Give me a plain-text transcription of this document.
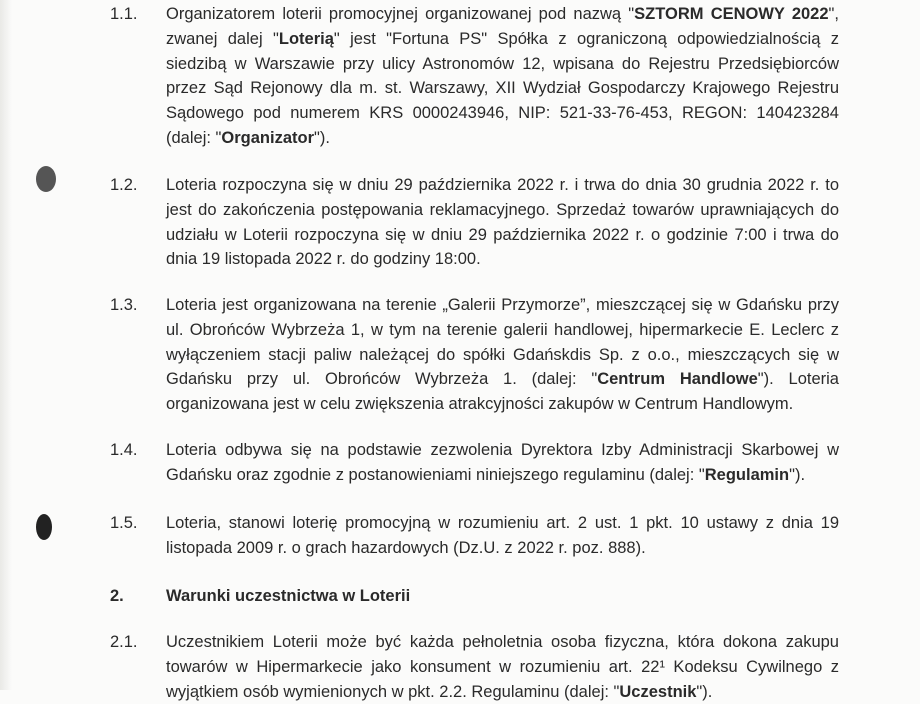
1.1. Organizatorem loterii promocyjnej organizowanej pod nazwą "SZTORM CENOWY 2022", zwanej dalej "Loterią" jest "Fortuna PS" Spółka z ograniczoną odpowiedzialnością z siedzibą w Warszawie przy ulicy Astronomów 12, wpisana do Rejestru Przedsiębiorców przez Sąd Rejonowy dla m. st. Warszawy, XII Wydział Gospodarczy Krajowego Rejestru Sądowego pod numerem KRS 0000243946, NIP: 521-33-76-453, REGON: 140423284 (dalej: "Organizator").
1.2. Loteria rozpoczyna się w dniu 29 października 2022 r. i trwa do dnia 30 grudnia 2022 r. to jest do zakończenia postępowania reklamacyjnego. Sprzedaż towarów uprawniających do udziału w Loterii rozpoczyna się w dniu 29 października 2022 r. o godzinie 7:00 i trwa do dnia 19 listopada 2022 r. do godziny 18:00.
1.3. Loteria jest organizowana na terenie „Galerii Przymorze”, mieszczącej się w Gdańsku przy ul. Obrońców Wybrzeża 1, w tym na terenie galerii handlowej, hipermarkecie E. Leclerc z wyłączeniem stacji paliw należącej do spółki Gdańskdis Sp. z o.o., mieszczących się w Gdańsku przy ul. Obrońców Wybrzeża 1. (dalej: "Centrum Handlowe"). Loteria organizowana jest w celu zwiększenia atrakcyjności zakupów w Centrum Handlowym.
1.4. Loteria odbywa się na podstawie zezwolenia Dyrektora Izby Administracji Skarbowej w Gdańsku oraz zgodnie z postanowieniami niniejszego regulaminu (dalej: "Regulamin").
1.5. Loteria, stanowi loterię promocyjną w rozumieniu art. 2 ust. 1 pkt. 10 ustawy z dnia 19 listopada 2009 r. o grach hazardowych (Dz.U. z 2022 r. poz. 888).
2.	Warunki uczestnictwa w Loterii
2.1. Uczestnikiem Loterii może być każda pełnoletnia osoba fizyczna, która dokona zakupu towarów w Hipermarkecie jako konsument w rozumieniu art. 22¹ Kodeksu Cywilnego z wyjątkiem osób wymienionych w pkt. 2.2. Regulaminu (dalej: "Uczestnik").
